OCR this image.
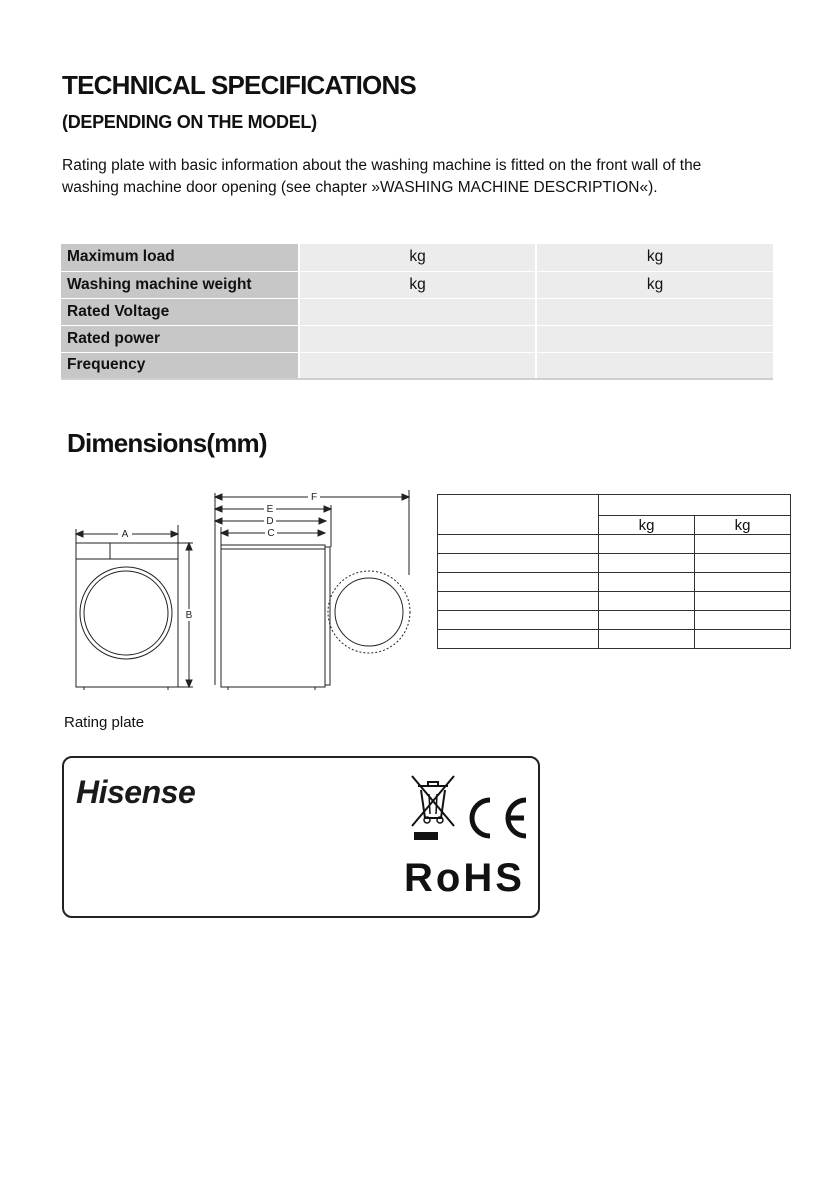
TECHNICAL SPECIFICATIONS
(DEPENDING ON THE MODEL)

Rating plate with basic information about the washing machine is fitted on the front wall of the washing machine door opening (see chapter »WASHING MACHINE DESCRIPTION«).

Maximum load	kg	kg
Washing machine weight	kg	kg
Rated Voltage		
Rated power		
Frequency		
Dimensions(mm)
A
B
F
E
D
C

	kg	kg

Rating plate

Hisense
RoHS
